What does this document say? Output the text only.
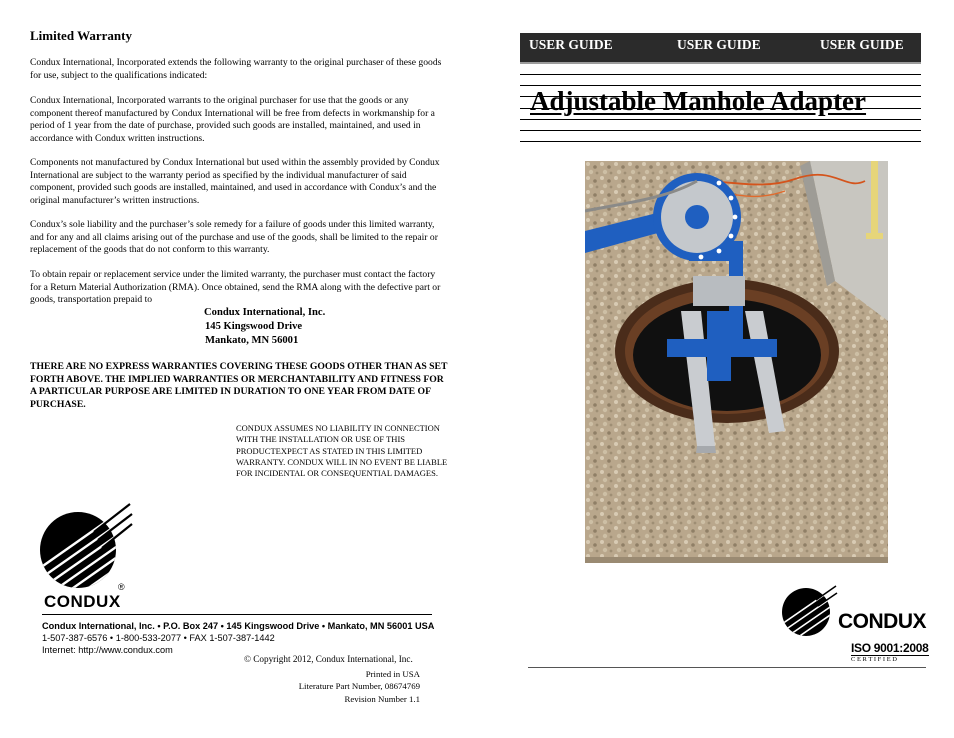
Limited Warranty
Condux International, Incorporated extends the following warranty to the original purchaser of these goods for use, subject to the qualifications indicated:
Condux International, Incorporated warrants to the original purchaser for use that the goods or any component thereof manufactured by Condux International will be free from defects in workmanship for a period of 1 year from the date of purchase, provided such goods are installed, maintained, and used in accordance with Condux written instructions.
Components not manufactured by Condux International but used within the assembly provided by Condux International are subject to the warranty period as specified by the individual manufacturer of said component, provided such goods are installed, maintained, and used in accordance with Condux’s and the original manufacturer’s written instructions.
Condux’s sole liability and the purchaser’s sole remedy for a failure of goods under this limited warranty, and for any and all claims arising out of the purchase and use of the goods, shall be limited to the repair or replacement of the goods that do not conform to this warranty.
To obtain repair or replacement service under the limited warranty, the purchaser must contact the factory for a Return Material Authorization (RMA). Once obtained, send the RMA along with the defective part or goods, transportation prepaid to
Condux International, Inc.
145 Kingswood Drive
Mankato, MN 56001
THERE ARE NO EXPRESS WARRANTIES COVERING THESE GOODS OTHER THAN AS SET FORTH ABOVE. THE IMPLIED WARRANTIES OR MERCHANTABILITY AND FITNESS FOR A PARTICULAR PURPOSE ARE LIMITED IN DURATION TO ONE YEAR FROM DATE OF PURCHASE.
CONDUX ASSUMES NO LIABILITY IN CONNECTION WITH THE INSTALLATION OR USE OF THIS PRODUCTEXPECT AS STATED IN THIS LIMITED WARRANTY. CONDUX WILL IN NO EVENT BE LIABLE FOR INCIDENTAL OR CONSEQUENTIAL DAMAGES.
®
CONDUX
Condux International, Inc. • P.O. Box 247 • 145 Kingswood Drive • Mankato, MN 56001 USA
1-507-387-6576 • 1-800-533-2077 • FAX 1-507-387-1442
Internet: http://www.condux.com
© Copyright 2012, Condux International, Inc.
Printed in USA
Literature Part Number, 08674769
Revision Number 1.1
USER GUIDE	USER GUIDE	USER GUIDE
Adjustable Manhole Adapter
CONDUX
ISO 9001:2008
C E R T I F I E D
